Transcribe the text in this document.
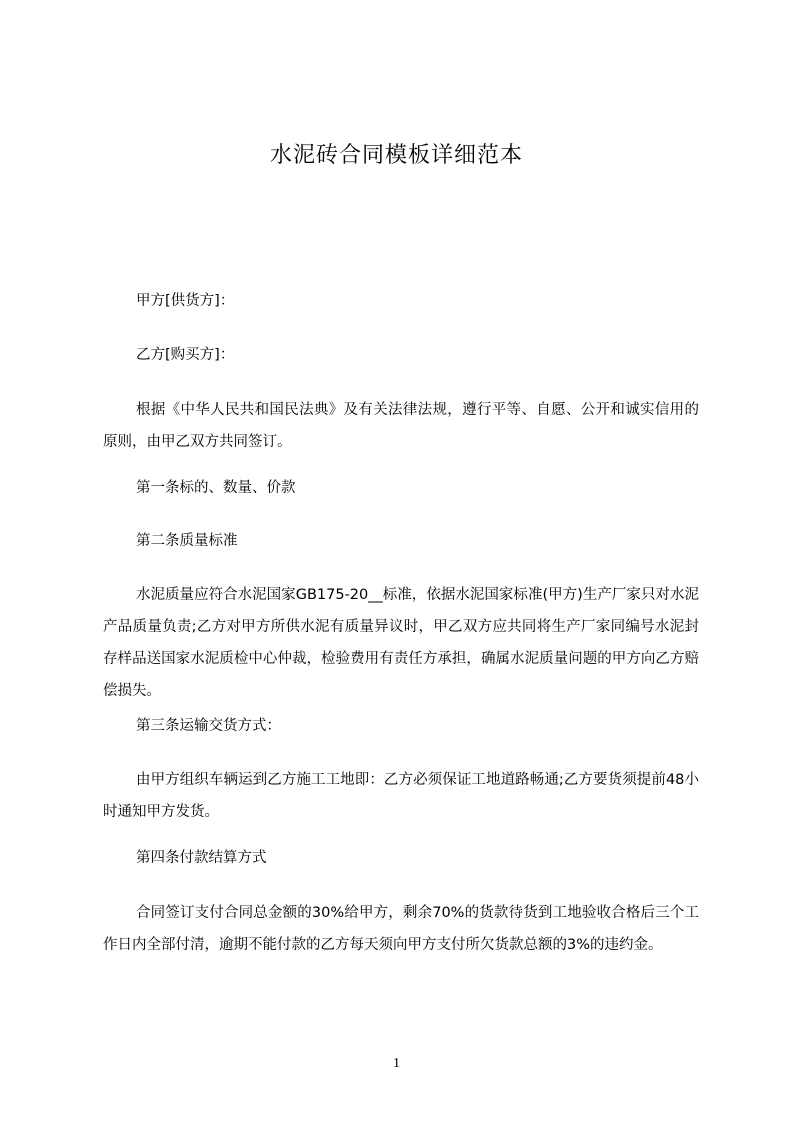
水泥砖合同模板详细范本

甲方[供货方]：

乙方[购买方]：

根据《中华人民共和国民法典》及有关法律法规，遵行平等、自愿、公开和诚实信用的原则，由甲乙双方共同签订。

第一条标的、数量、价款

第二条质量标准

水泥质量应符合水泥国家GB175-20__标准，依据水泥国家标准(甲方)生产厂家只对水泥产品质量负责;乙方对甲方所供水泥有质量异议时，甲乙双方应共同将生产厂家同编号水泥封存样品送国家水泥质检中心仲裁，检验费用有责任方承担，确属水泥质量问题的甲方向乙方赔偿损失。

第三条运输交货方式：

由甲方组织车辆运到乙方施工工地即：乙方必须保证工地道路畅通;乙方要货须提前48小时通知甲方发货。

第四条付款结算方式

合同签订支付合同总金额的30%给甲方，剩余70%的货款待货到工地验收合格后三个工作日内全部付清，逾期不能付款的乙方每天须向甲方支付所欠货款总额的3%的违约金。

1
